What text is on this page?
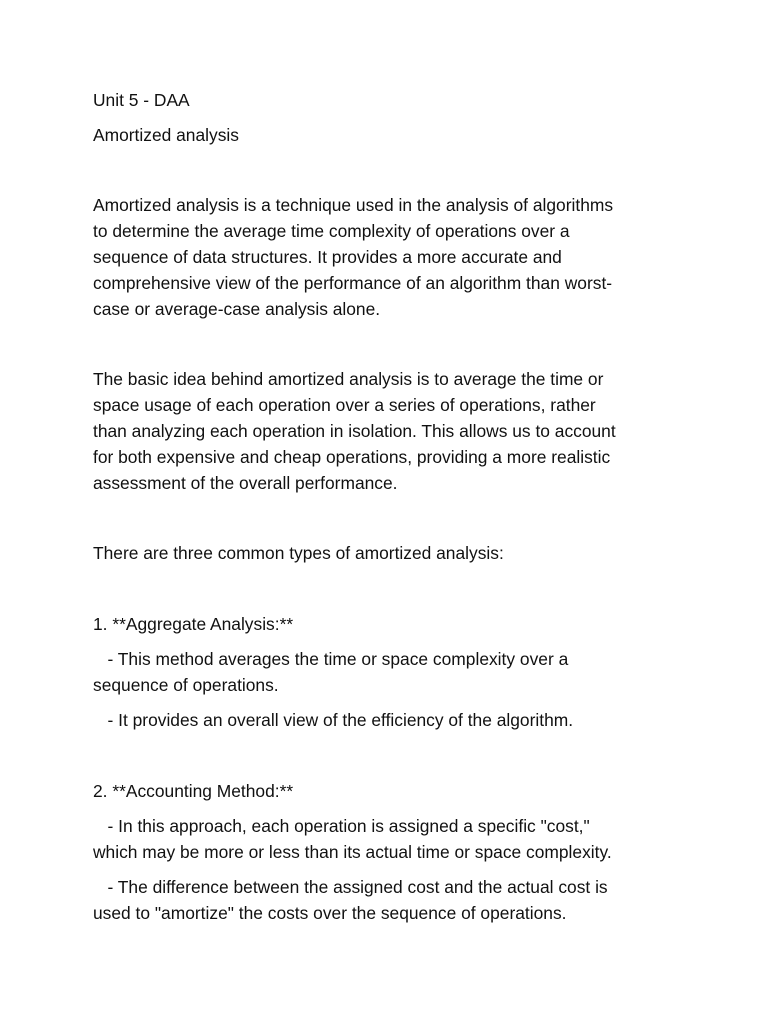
Unit 5 - DAA
Amortized analysis
Amortized analysis is a technique used in the analysis of algorithms
to determine the average time complexity of operations over a
sequence of data structures. It provides a more accurate and
comprehensive view of the performance of an algorithm than worst-
case or average-case analysis alone.
The basic idea behind amortized analysis is to average the time or
space usage of each operation over a series of operations, rather
than analyzing each operation in isolation. This allows us to account
for both expensive and cheap operations, providing a more realistic
assessment of the overall performance.
There are three common types of amortized analysis:
1. **Aggregate Analysis:**
- This method averages the time or space complexity over a
sequence of operations.
- It provides an overall view of the efficiency of the algorithm.
2. **Accounting Method:**
- In this approach, each operation is assigned a specific "cost,"
which may be more or less than its actual time or space complexity.
- The difference between the assigned cost and the actual cost is
used to "amortize" the costs over the sequence of operations.
